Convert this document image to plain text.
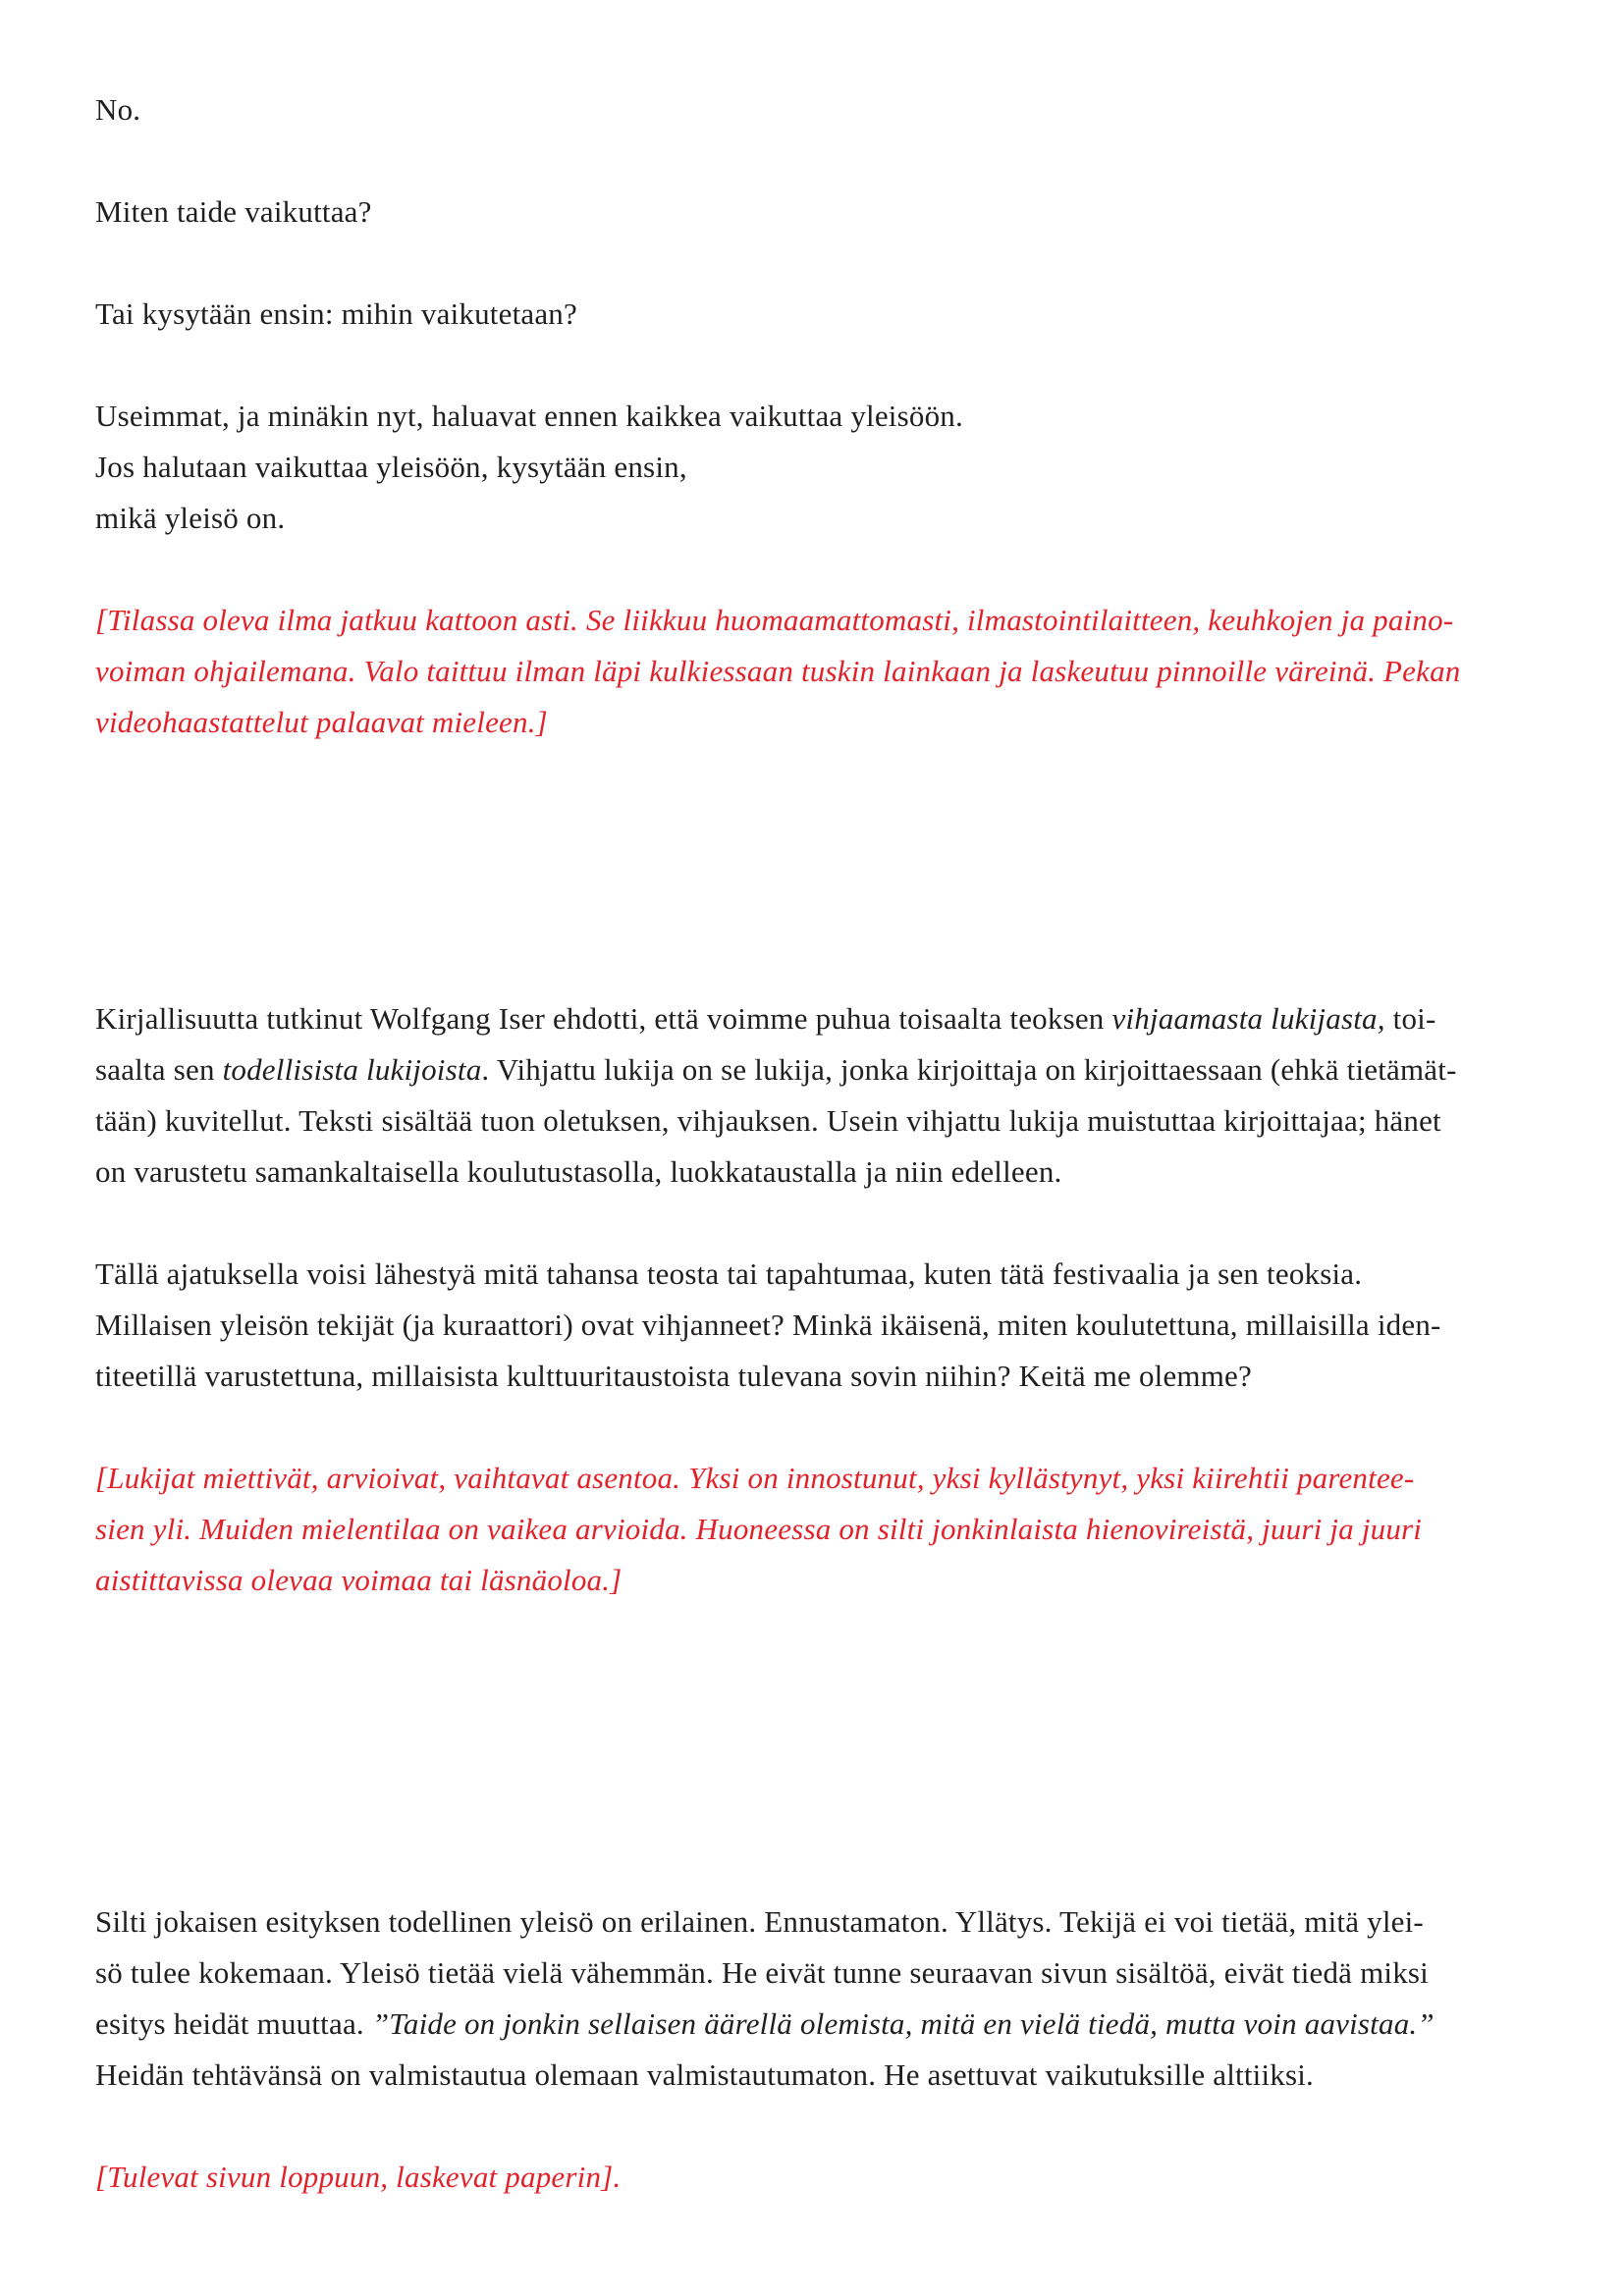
No.
Miten taide vaikuttaa?
Tai kysytään ensin: mihin vaikutetaan?
Useimmat, ja minäkin nyt, haluavat ennen kaikkea vaikuttaa yleisöön.
Jos halutaan vaikuttaa yleisöön, kysytään ensin,
mikä yleisö on.
[Tilassa oleva ilma jatkuu kattoon asti. Se liikkuu huomaamattomasti, ilmastointilaitteen, keuhkojen ja paino-
voiman ohjailemana. Valo taittuu ilman läpi kulkiessaan tuskin lainkaan ja laskeutuu pinnoille väreinä. Pekan
videohaastattelut palaavat mieleen.]
Kirjallisuutta tutkinut Wolfgang Iser ehdotti, että voimme puhua toisaalta teoksen vihjaamasta lukijasta, toi-
saalta sen todellisista lukijoista. Vihjattu lukija on se lukija, jonka kirjoittaja on kirjoittaessaan (ehkä tietämät-
tään) kuvitellut. Teksti sisältää tuon oletuksen, vihjauksen. Usein vihjattu lukija muistuttaa kirjoittajaa; hänet
on varustetu samankaltaisella koulutustasolla, luokkataustalla ja niin edelleen.
Tällä ajatuksella voisi lähestyä mitä tahansa teosta tai tapahtumaa, kuten tätä festivaalia ja sen teoksia.
Millaisen yleisön tekijät (ja kuraattori) ovat vihjanneet? Minkä ikäisenä, miten koulutettuna, millaisilla iden-
titeetillä varustettuna, millaisista kulttuuritaustoista tulevana sovin niihin? Keitä me olemme?
[Lukijat miettivät, arvioivat, vaihtavat asentoa. Yksi on innostunut, yksi kyllästynyt, yksi kiirehtii parentee-
sien yli. Muiden mielentilaa on vaikea arvioida. Huoneessa on silti jonkinlaista hienovireistä, juuri ja juuri
aistittavissa olevaa voimaa tai läsnäoloa.]
Silti jokaisen esityksen todellinen yleisö on erilainen. Ennustamaton. Yllätys. Tekijä ei voi tietää, mitä ylei-
sö tulee kokemaan. Yleisö tietää vielä vähemmän. He eivät tunne seuraavan sivun sisältöä, eivät tiedä miksi
esitys heidät muuttaa. ”Taide on jonkin sellaisen äärellä olemista, mitä en vielä tiedä, mutta voin aavistaa.”
Heidän tehtävänsä on valmistautua olemaan valmistautumaton. He asettuvat vaikutuksille alttiiksi.
[Tulevat sivun loppuun, laskevat paperin].
